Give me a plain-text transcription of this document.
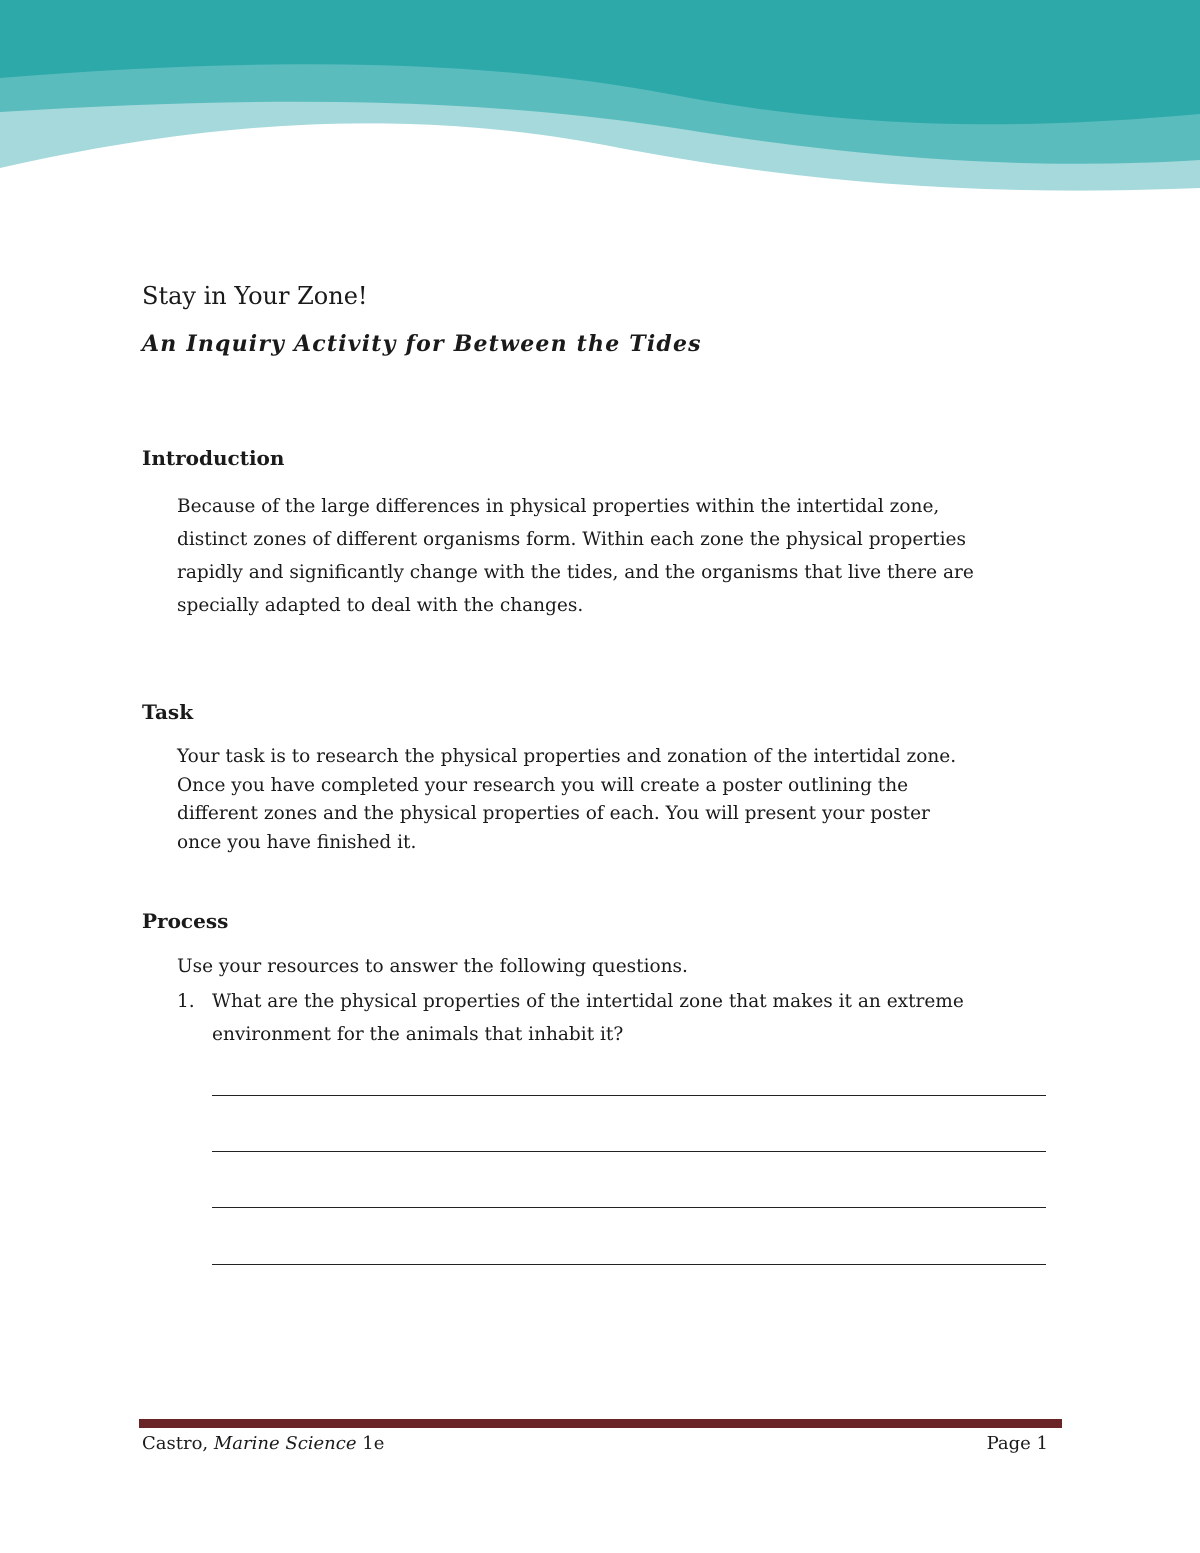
Stay in Your Zone!
An Inquiry Activity for Between the Tides
Introduction
Because of the large differences in physical properties within the intertidal zone,
distinct zones of different organisms form. Within each zone the physical properties
rapidly and significantly change with the tides, and the organisms that live there are
specially adapted to deal with the changes.
Task
Your task is to research the physical properties and zonation of the intertidal zone.
Once you have completed your research you will create a poster outlining the
different zones and the physical properties of each. You will present your poster
once you have finished it.
Process
Use your resources to answer the following questions.
1. What are the physical properties of the intertidal zone that makes it an extreme
environment for the animals that inhabit it?
Castro, Marine Science 1e	Page 1
